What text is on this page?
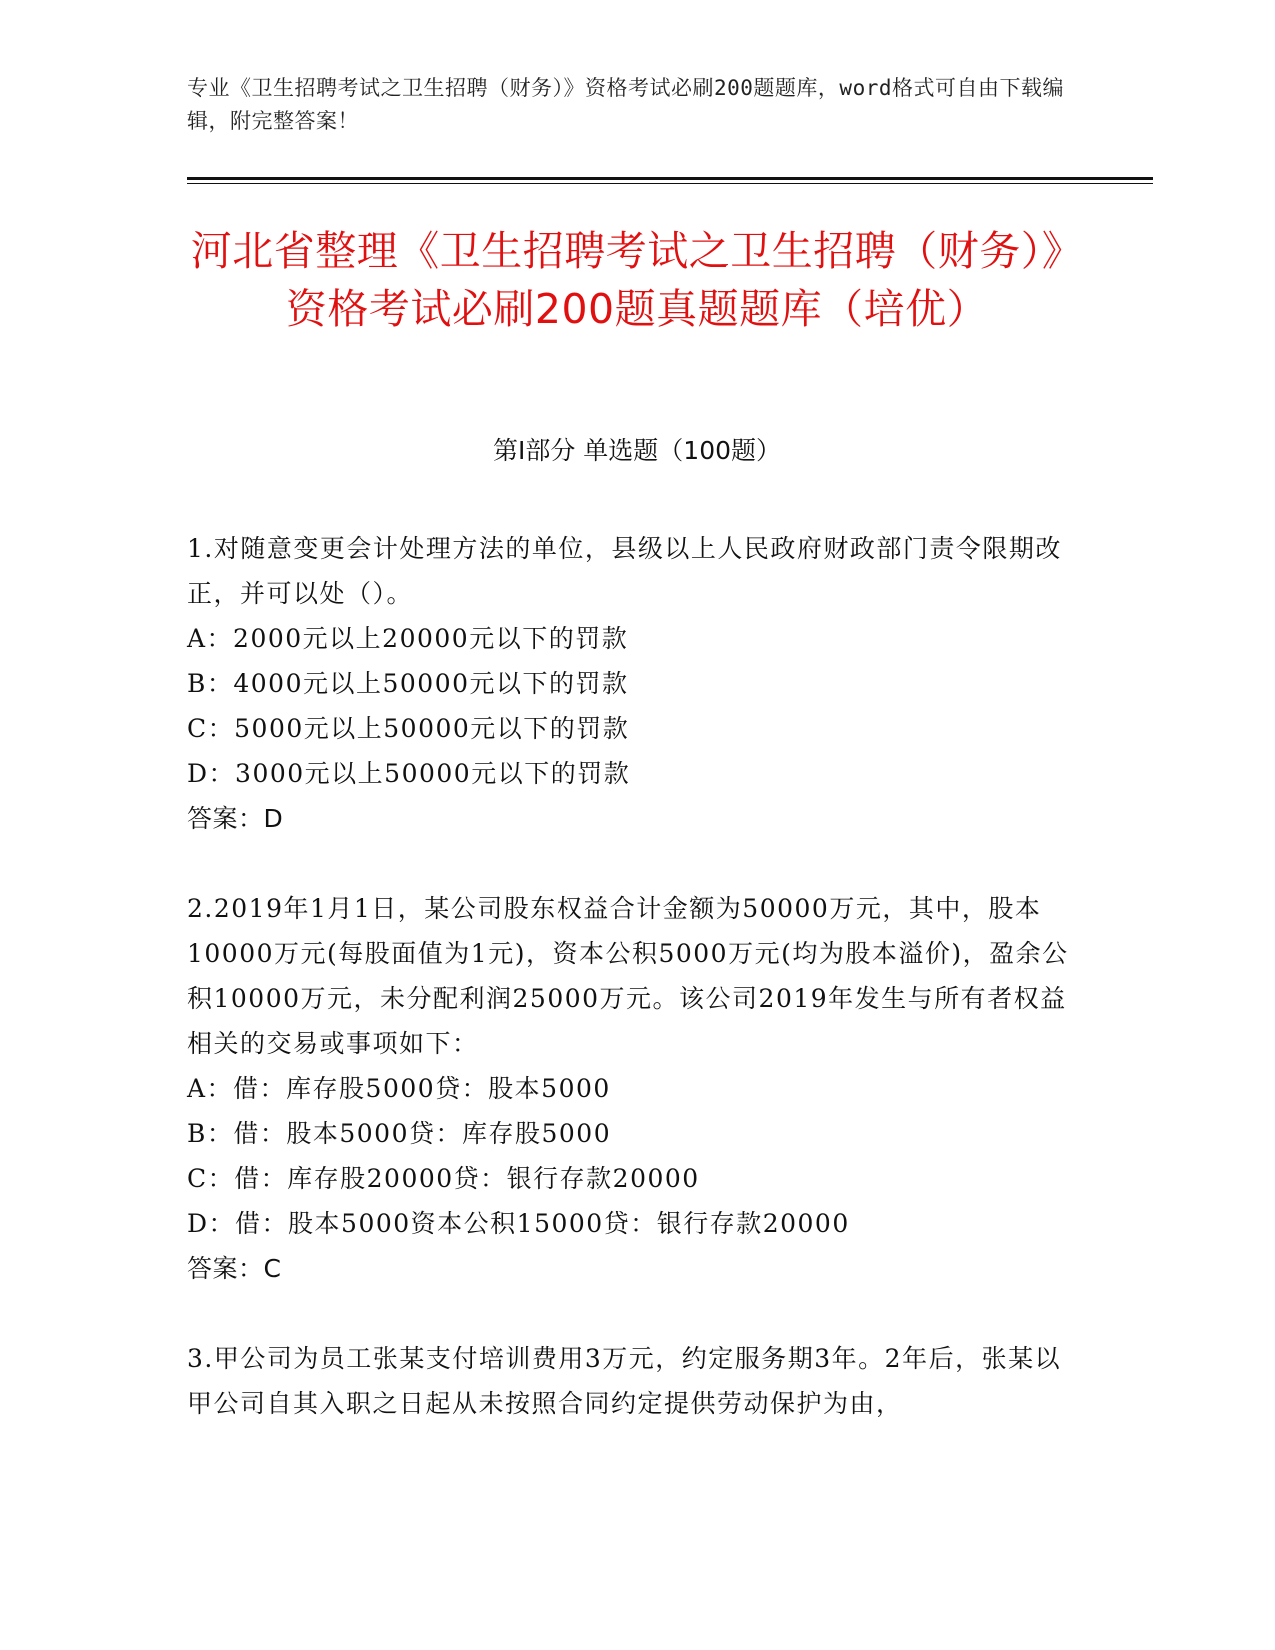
专业《卫生招聘考试之卫生招聘（财务）》资格考试必刷200题题库，word格式可自由下载编辑，附完整答案！
河北省整理《卫生招聘考试之卫生招聘（财务）》资格考试必刷200题真题题库（培优）
第Ⅰ部分 单选题（100题）

1.对随意变更会计处理方法的单位，县级以上人民政府财政部门责令限期改正，并可以处（）。

A：2000元以上20000元以下的罚款

B：4000元以上50000元以下的罚款

C：5000元以上50000元以下的罚款

D：3000元以上50000元以下的罚款

答案：D

2.2019年1月1日，某公司股东权益合计金额为50000万元，其中，股本10000万元(每股面值为1元)，资本公积5000万元(均为股本溢价)，盈余公积10000万元，未分配利润25000万元。该公司2019年发生与所有者权益相关的交易或事项如下：

A：借：库存股5000贷：股本5000

B：借：股本5000贷：库存股5000

C：借：库存股20000贷：银行存款20000

D：借：股本5000资本公积15000贷：银行存款20000

答案：C

3.甲公司为员工张某支付培训费用3万元，约定服务期3年。2年后，张某以甲公司自其入职之日起从未按照合同约定提供劳动保护为由，
